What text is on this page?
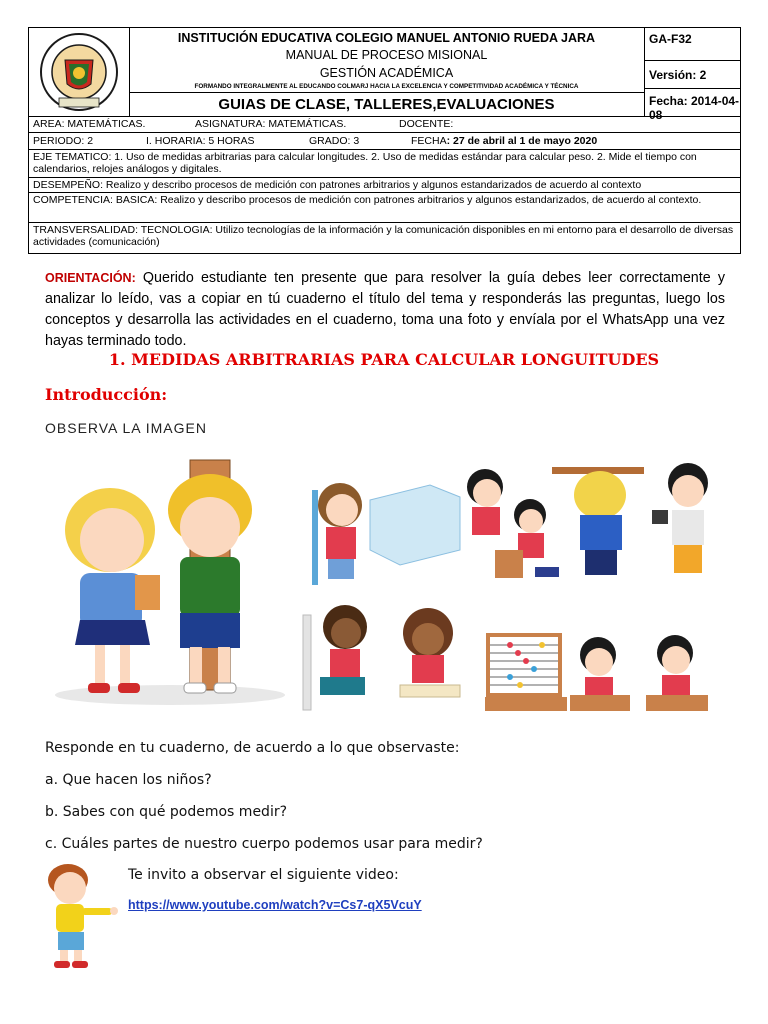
INSTITUCIÓN EDUCATIVA COLEGIO MANUEL ANTONIO RUEDA JARA
MANUAL DE PROCESO MISIONAL
GESTIÓN ACADÉMICA
FORMANDO INTEGRALMENTE AL EDUCANDO COLMARJ HACIA LA EXCELENCIA Y COMPETITIVIDAD ACADÉMICA Y TÉCNICA
GUIAS DE CLASE, TALLERES,EVALUACIONES
GA-F32
Versión: 2
Fecha: 2014-04-08
AREA: MATEMÁTICAS.	ASIGNATURA: MATEMÁTICAS.	DOCENTE:
PERIODO: 2	I. HORARIA: 5 HORAS	GRADO: 3	FECHA: 27 de abril al 1 de mayo 2020
EJE TEMATICO: 1. Uso de medidas arbitrarias para calcular longitudes. 2. Uso de medidas estándar para calcular peso. 2. Mide el tiempo con calendarios, relojes análogos y digitales.
DESEMPEÑO: Realizo y describo procesos de medición con patrones arbitrarios y algunos estandarizados de acuerdo al contexto
COMPETENCIA: BASICA: Realizo y describo procesos de medición con patrones arbitrarios y algunos estandarizados, de acuerdo al contexto.
TRANSVERSALIDAD: TECNOLOGIA: Utilizo tecnologías de la información y la comunicación disponibles en mi entorno para el desarrollo de diversas actividades (comunicación)
ORIENTACIÓN: Querido estudiante ten presente que para resolver la guía debes leer correctamente y analizar lo leído, vas a copiar en tú cuaderno el título del tema y responderás las preguntas, luego los conceptos y desarrolla las actividades en el cuaderno, toma una foto y envíala por el WhatsApp una vez hayas terminado todo.
1. MEDIDAS ARBITRARIAS PARA CALCULAR LONGUITUDES
Introducción:
OBSERVA LA IMAGEN
Responde en tu cuaderno, de acuerdo a lo que observaste:
a. Que hacen los niños?
b. Sabes con qué podemos medir?
c. Cuáles partes de nuestro cuerpo podemos usar para medir?
Te invito a observar el siguiente video:
https://www.youtube.com/watch?v=Cs7-qX5VcuY
